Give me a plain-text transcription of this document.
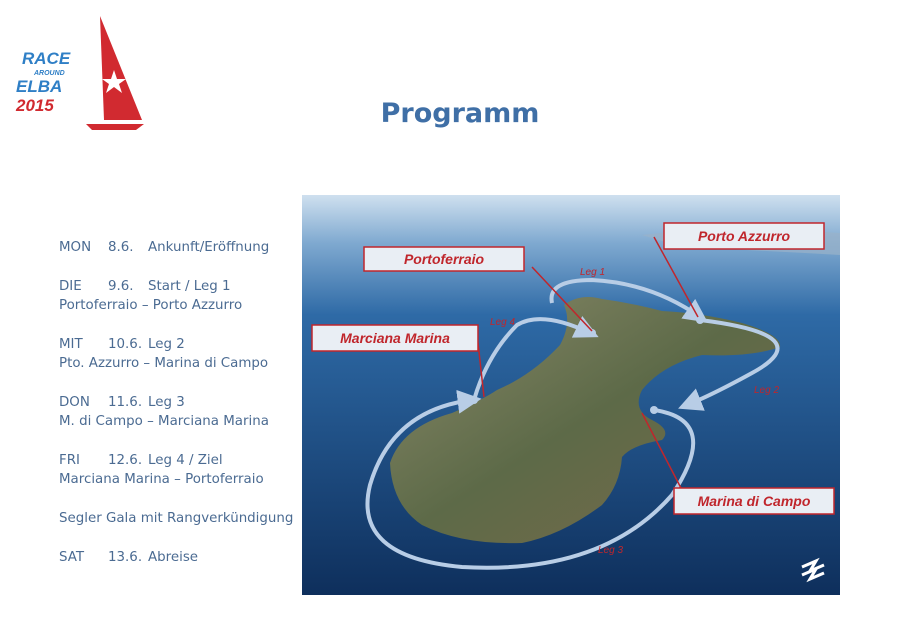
RACE
AROUND
ELBA
2015	Programm
MON 8.6. Ankunft/Eröffnung
DIE 9.6. Start / Leg 1
Portoferraio – Porto Azzurro
MIT 10.6. Leg 2
Pto. Azzurro – Marina di Campo
DON 11.6. Leg 3
M. di Campo – Marciana Marina
FRI 12.6. Leg 4 / Ziel
Marciana Marina – Portoferraio
Segler Gala mit Rangverkündigung
SAT 13.6. Abreise
Portoferraio
Porto Azzurro
Marciana Marina
Marina di Campo
Leg 1
Leg 2
Leg 3
Leg 4
